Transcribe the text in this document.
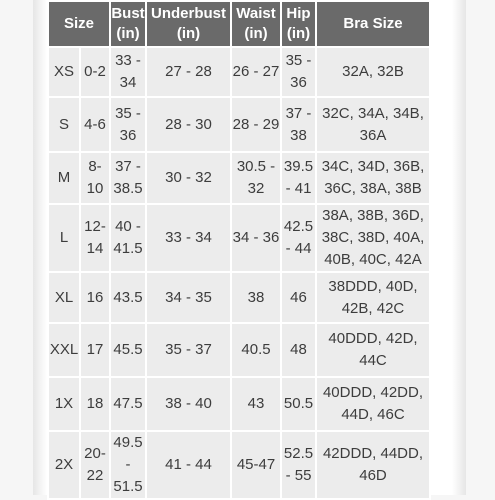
Size		Bust (in)	Underbust (in)	Waist (in)	Hip (in)	Bra Size
XS	0-2	33 - 34	27 - 28	26 - 27	35 - 36	32A, 32B
S	4-6	35 - 36	28 - 30	28 - 29	37 - 38	32C, 34A, 34B, 36A
M	8-10	37 - 38.5	30 - 32	30.5 - 32	39.5 - 41	34C, 34D, 36B, 36C, 38A, 38B
L	12-14	40 - 41.5	33 - 34	34 - 36	42.5 - 44	38A, 38B, 36D, 38C, 38D, 40A, 40B, 40C, 42A
XL	16	43.5	34 - 35	38	46	38DDD, 40D, 42B, 42C
XXL	17	45.5	35 - 37	40.5	48	40DDD, 42D, 44C
1X	18	47.5	38 - 40	43	50.5	40DDD, 42DD, 44D, 46C
2X	20-22	49.5 - 51.5	41 - 44	45-47	52.5 - 55	42DDD, 44DD, 46D
